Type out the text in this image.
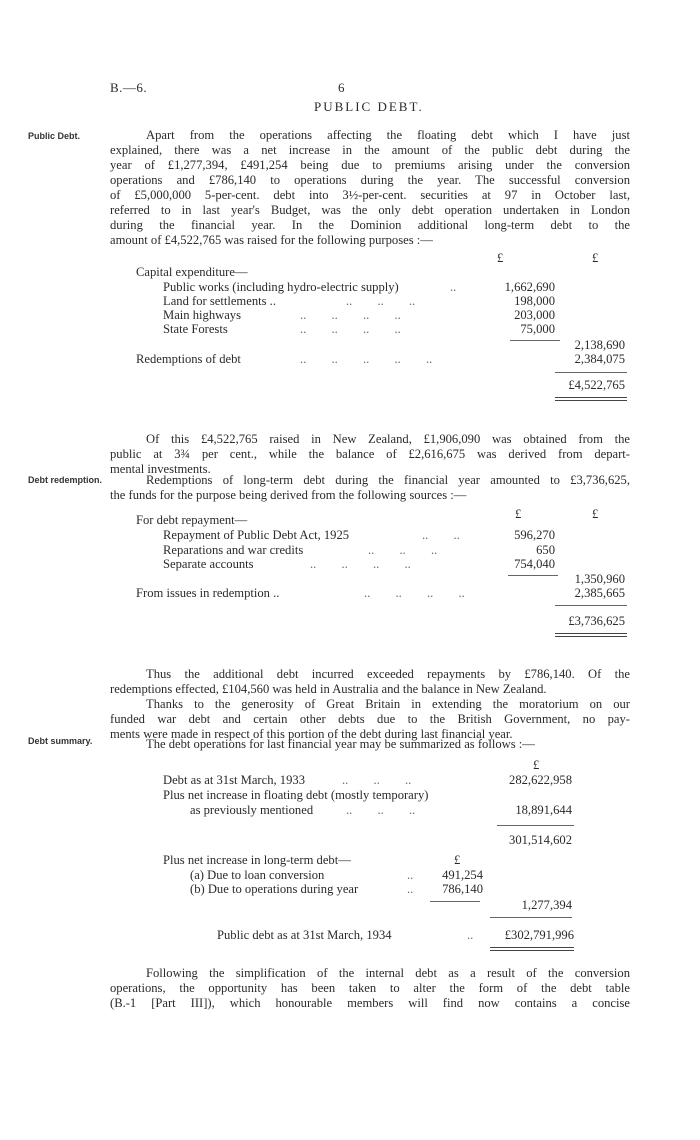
B.—6.	6
PUBLIC DEBT.
Public Debt.
Debt redemption.
Debt summary.
Apart from the operations affecting the floating debt which I have just
explained, there was a net increase in the amount of the public debt during the
year of £1,277,394, £491,254 being due to premiums arising under the conversion
operations and £786,140 to operations during the year. The successful conversion
of £5,000,000 5-per-cent. debt into 3½-per-cent. securities at 97 in October last,
referred to in last year's Budget, was the only debt operation undertaken in London
during the financial year. In the Dominion additional long-term debt to the
amount of £4,522,765 was raised for the following purposes :—
£	£
Capital expenditure—
Public works (including hydro-electric supply)	..	1,662,690
Land for settlements ..	..        ..        ..	198,000
Main highways	..        ..        ..        ..	203,000
State Forests	..        ..        ..        ..	75,000
2,138,690
Redemptions of debt	..        ..        ..        ..        ..	2,384,075
£4,522,765
Of this £4,522,765 raised in New Zealand, £1,906,090 was obtained from the
public at 3¾ per cent., while the balance of £2,616,675 was derived from depart-
mental investments.
Redemptions of long-term debt during the financial year amounted to £3,736,625,
the funds for the purpose being derived from the following sources :—
£	£
For debt repayment—
Repayment of Public Debt Act, 1925	..        ..	596,270
Reparations and war credits	..        ..        ..	650
Separate accounts	..        ..        ..        ..	754,040
1,350,960
From issues in redemption ..	..        ..        ..        ..	2,385,665
£3,736,625
Thus the additional debt incurred exceeded repayments by £786,140. Of the
redemptions effected, £104,560 was held in Australia and the balance in New Zealand.
Thanks to the generosity of Great Britain in extending the moratorium on our
funded war debt and certain other debts due to the British Government, no pay-
ments were made in respect of this portion of the debt during last financial year.
The debt operations for last financial year may be summarized as follows :—
£
Debt as at 31st March, 1933	..        ..        ..	282,622,958
Plus net increase in floating debt (mostly temporary)
as previously mentioned	..        ..        ..	18,891,644
301,514,602
£
Plus net increase in long-term debt—
(a) Due to loan conversion	..	491,254
(b) Due to operations during year	..	786,140
1,277,394
Public debt as at 31st March, 1934	..	£302,791,996
Following the simplification of the internal debt as a result of the conversion
operations, the opportunity has been taken to alter the form of the debt table
(B.-1 [Part III]), which honourable members will find now contains a concise
